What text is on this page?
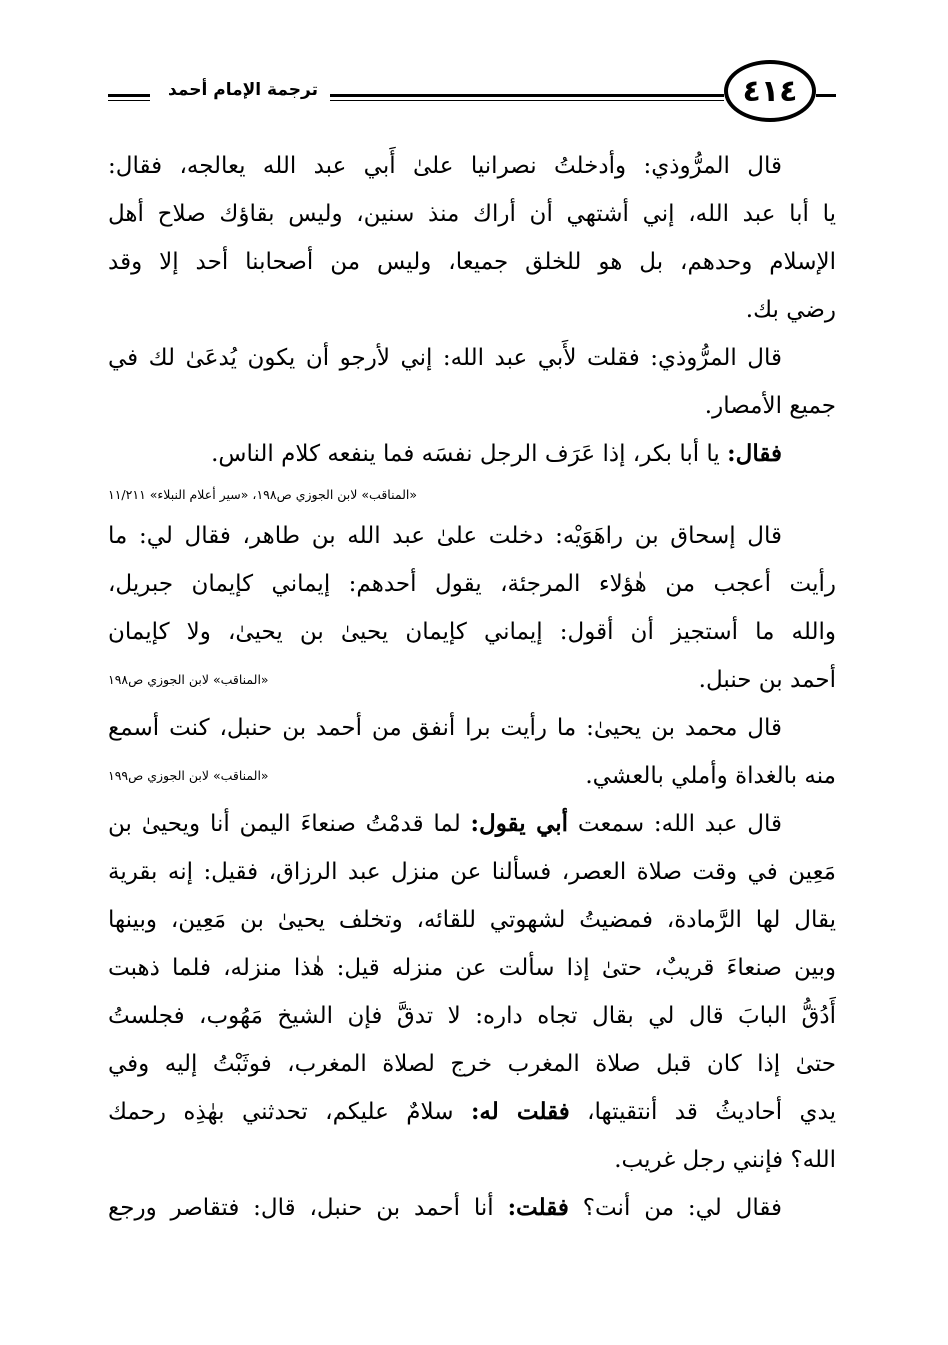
ترجمة الإمام أحمد	٤١٤
قال المرُّوذي: وأدخلتُ نصرانيا علىٰ أَبي عبد الله يعالجه، فقال:
يا أبا عبد الله، إني أشتهي أن أراك منذ سنين، وليس بقاؤك صلاح أهل
الإسلام وحدهم، بل هو للخلق جميعا، وليس من أصحابنا أحد إلا وقد
رضي بك.
قال المرُّوذي: فقلت لأَبي عبد الله: إني لأرجو أن يكون يُدعَىٰ لك في
جميع الأمصار.
فقال: يا أبا بكر، إذا عَرَف الرجل نفسَه فما ينفعه كلام الناس.
«المناقب» لابن الجوزي ص١٩٨، «سير أعلام النبلاء» ١١/٢١١
قال إسحاق بن راهَوَيْه: دخلت علىٰ عبد الله بن طاهر، فقال لي: ما
رأيت أعجب من هٰؤلاء المرجئة، يقول أحدهم: إيماني كإيمان جبريل،
والله ما أستجيز أن أقول: إيماني كإيمان يحيىٰ بن يحيىٰ، ولا كإيمان
أحمد بن حنبل.
«المناقب» لابن الجوزي ص١٩٨
قال محمد بن يحيىٰ: ما رأيت برا أنفق من أحمد بن حنبل، كنت أسمع
منه بالغداة وأملي بالعشي.
«المناقب» لابن الجوزي ص١٩٩
قال عبد الله: سمعت أبي يقول: لما قدمْتُ صنعاءَ اليمن أنا ويحيىٰ بن
مَعِين في وقت صلاة العصر، فسألنا عن منزل عبد الرزاق، فقيل: إنه بقرية
يقال لها الرَّمادة، فمضيتُ لشهوتي للقائه، وتخلف يحيىٰ بن مَعِين، وبينها
وبين صنعاءَ قريبٌ، حتىٰ إذا سألت عن منزله قيل: هٰذا منزله، فلما ذهبت
أَدُقُّ البابَ قال لي بقال تجاه داره: لا تدقَّ فإن الشيخ مَهُوب، فجلستُ
حتىٰ إذا كان قبل صلاة المغرب خرج لصلاة المغرب، فوثَبْتُ إليه وفي
يدي أحاديثُ قد أنتقيتها، فقلت له: سلامٌ عليكم، تحدثني بهٰذِه رحمك
الله؟ فإنني رجل غريب.
فقال لي: من أنت؟ فقلت: أنا أحمد بن حنبل، قال: فتقاصر ورجع
